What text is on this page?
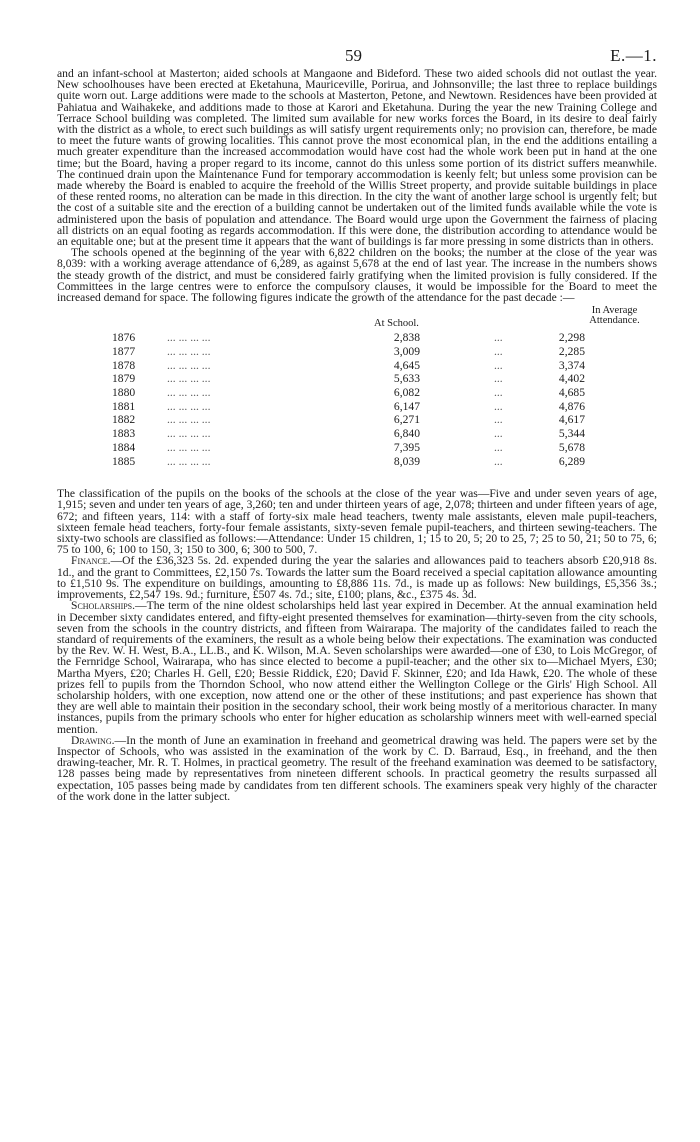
59	E.—1.

and an infant-school at Masterton; aided schools at Mangaone and Bideford. These two aided schools did not outlast the year. New schoolhouses have been erected at Eketahuna, Mauriceville, Porirua, and Johnsonville; the last three to replace buildings quite worn out. Large additions were made to the schools at Masterton, Petone, and Newtown. Residences have been provided at Pahiatua and Waihakeke, and additions made to those at Karori and Eketahuna. During the year the new Training College and Terrace School building was completed. The limited sum available for new works forces the Board, in its desire to deal fairly with the district as a whole, to erect such buildings as will satisfy urgent requirements only; no provision can, therefore, be made to meet the future wants of growing localities. This cannot prove the most economical plan, in the end the additions entailing a much greater expenditure than the increased accommodation would have cost had the whole work been put in hand at the one time; but the Board, having a proper regard to its income, cannot do this unless some portion of its district suffers meanwhile. The continued drain upon the Maintenance Fund for temporary accommodation is keenly felt; but unless some provision can be made whereby the Board is enabled to acquire the freehold of the Willis Street property, and provide suitable buildings in place of these rented rooms, no alteration can be made in this direction. In the city the want of another large school is urgently felt; but the cost of a suitable site and the erection of a building cannot be undertaken out of the limited funds available while the vote is administered upon the basis of population and attendance. The Board would urge upon the Government the fairness of placing all districts on an equal footing as regards accommodation. If this were done, the distribution according to attendance would be an equitable one; but at the present time it appears that the want of buildings is far more pressing in some districts than in others.

The schools opened at the beginning of the year with 6,822 children on the books; the number at the close of the year was 8,039: with a working average attendance of 6,289, as against 5,678 at the end of last year. The increase in the numbers shows the steady growth of the district, and must be considered fairly gratifying when the limited provision is fully considered. If the Committees in the large centres were to enforce the compulsory clauses, it would be impossible for the Board to meet the increased demand for space. The following figures indicate the growth of the attendance for the past decade :—

At School.
In Average Attendance.
1876	... ... ... ...	2,838	...	2,298
1877	... ... ... ...	3,009	...	2,285
1878	... ... ... ...	4,645	...	3,374
1879	... ... ... ...	5,633	...	4,402
1880	... ... ... ...	6,082	...	4,685
1881	... ... ... ...	6,147	...	4,876
1882	... ... ... ...	6,271	...	4,617
1883	... ... ... ...	6,840	...	5,344
1884	... ... ... ...	7,395	...	5,678
1885	... ... ... ...	8,039	...	6,289

The classification of the pupils on the books of the schools at the close of the year was—Five and under seven years of age, 1,915; seven and under ten years of age, 3,260; ten and under thirteen years of age, 2,078; thirteen and under fifteen years of age, 672; and fifteen years, 114: with a staff of forty-six male head teachers, twenty male assistants, eleven male pupil-teachers, sixteen female head teachers, forty-four female assistants, sixty-seven female pupil-teachers, and thirteen sewing-teachers. The sixty-two schools are classified as follows:—Attendance: Under 15 children, 1; 15 to 20, 5; 20 to 25, 7; 25 to 50, 21; 50 to 75, 6; 75 to 100, 6; 100 to 150, 3; 150 to 300, 6; 300 to 500, 7.

Finance.—Of the £36,323 5s. 2d. expended during the year the salaries and allowances paid to teachers absorb £20,918 8s. 1d., and the grant to Committees, £2,150 7s. Towards the latter sum the Board received a special capitation allowance amounting to £1,510 9s. The expenditure on buildings, amounting to £8,886 11s. 7d., is made up as follows: New buildings, £5,356 3s.; improvements, £2,547 19s. 9d.; furniture, £507 4s. 7d.; site, £100; plans, &c., £375 4s. 3d.

Scholarships.—The term of the nine oldest scholarships held last year expired in December. At the annual examination held in December sixty candidates entered, and fifty-eight presented themselves for examination—thirty-seven from the city schools, seven from the schools in the country districts, and fifteen from Wairarapa. The majority of the candidates failed to reach the standard of requirements of the examiners, the result as a whole being below their expectations. The examination was conducted by the Rev. W. H. West, B.A., LL.B., and K. Wilson, M.A. Seven scholarships were awarded—one of £30, to Lois McGregor, of the Fernridge School, Wairarapa, who has since elected to become a pupil-teacher; and the other six to—Michael Myers, £30; Martha Myers, £20; Charles H. Gell, £20; Bessie Riddick, £20; David F. Skinner, £20; and Ida Hawk, £20. The whole of these prizes fell to pupils from the Thorndon School, who now attend either the Wellington College or the Girls' High School. All scholarship holders, with one exception, now attend one or the other of these institutions; and past experience has shown that they are well able to maintain their position in the secondary school, their work being mostly of a meritorious character. In many instances, pupils from the primary schools who enter for higher education as scholarship winners meet with well-earned special mention.

Drawing.—In the month of June an examination in freehand and geometrical drawing was held. The papers were set by the Inspector of Schools, who was assisted in the examination of the work by C. D. Barraud, Esq., in freehand, and the then drawing-teacher, Mr. R. T. Holmes, in practical geometry. The result of the freehand examination was deemed to be satisfactory, 128 passes being made by representatives from nineteen different schools. In practical geometry the results surpassed all expectation, 105 passes being made by candidates from ten different schools. The examiners speak very highly of the character of the work done in the latter subject.
